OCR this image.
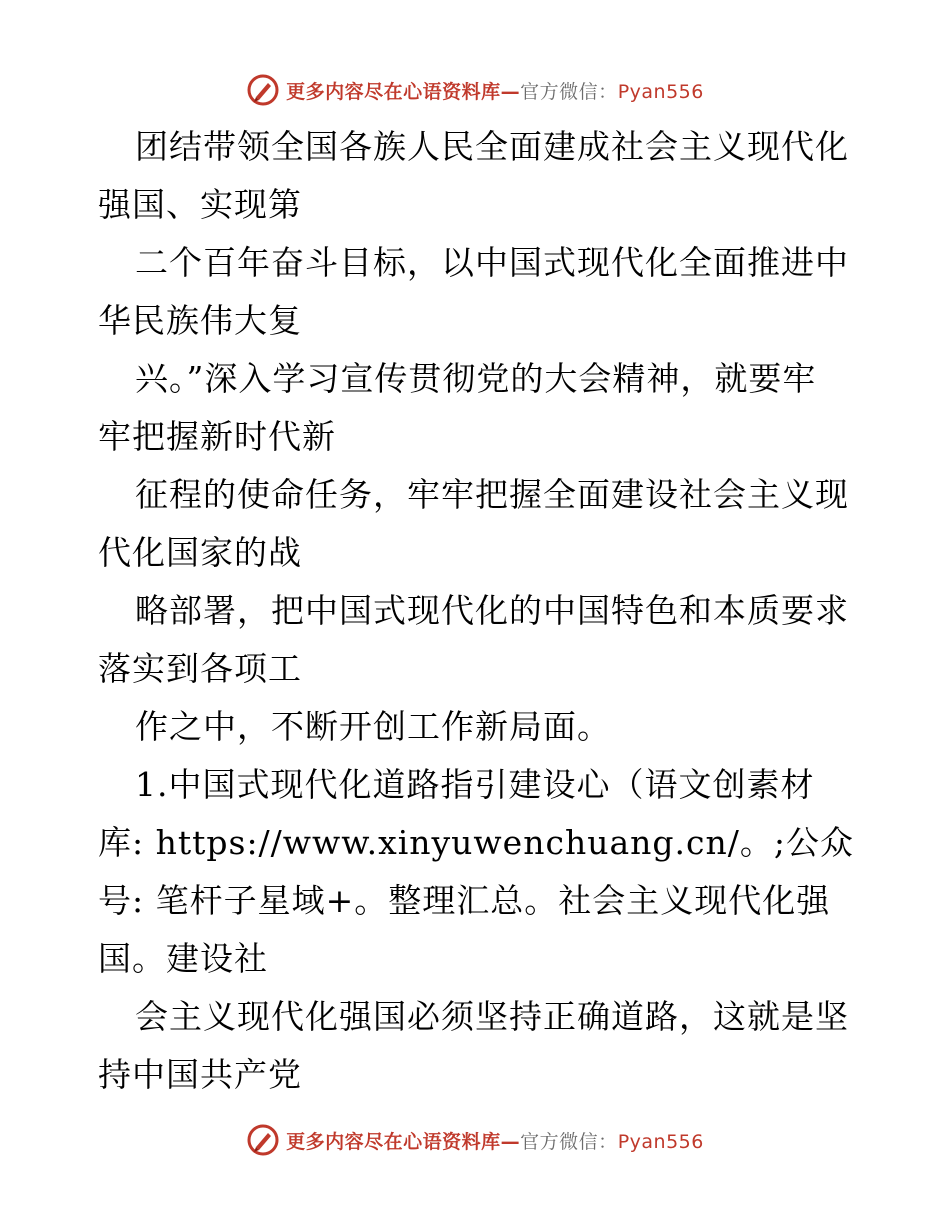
更多内容尽在心语资料库—官方微信：Pyan556
团结带领全国各族人民全面建成社会主义现代化
强国、实现第
二个百年奋斗目标，以中国式现代化全面推进中
华民族伟大复
兴。”深入学习宣传贯彻党的大会精神，就要牢
牢把握新时代新
征程的使命任务，牢牢把握全面建设社会主义现
代化国家的战
略部署，把中国式现代化的中国特色和本质要求
落实到各项工
作之中，不断开创工作新局面。
1.中国式现代化道路指引建设心（语文创素材
库: https://www.xinyuwenchuang.cn/。;公众
号: 笔杆子星域+。整理汇总。社会主义现代化强
国。建设社
会主义现代化强国必须坚持正确道路，这就是坚
持中国共产党
更多内容尽在心语资料库—官方微信：Pyan556
